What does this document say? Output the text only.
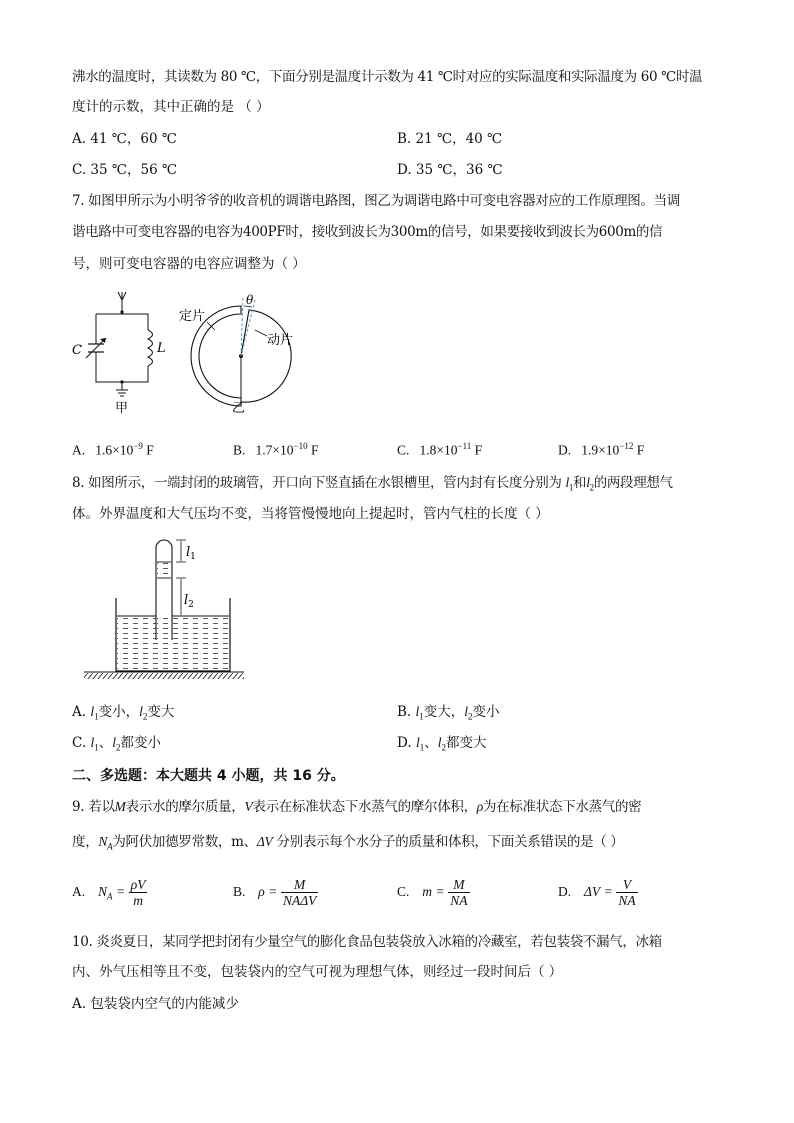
沸水的温度时，其读数为 80 ℃，下面分别是温度计示数为 41 ℃时对应的实际温度和实际温度为 60 ℃时温
度计的示数，其中正确的是 （ ）
A. 41 ℃，60 ℃	B. 21 ℃，40 ℃
C. 35 ℃，56 ℃	D. 35 ℃，36 ℃
7. 如图甲所示为小明爷爷的收音机的调谐电路图，图乙为调谐电路中可变电容器对应的工作原理图。当调
谐电路中可变电容器的电容为400PF时，接收到波长为300m的信号，如果要接收到波长为600m的信
号，则可变电容器的电容应调整为（ ）
C	L
甲
θ
定片
动片
乙
A. $1.6\times 10^{-9}$ F	B. $1.7\times 10^{-10}$ F	C. $1.8\times 10^{-11}$ F	D. $1.9\times 10^{-12}$ F
8. 如图所示，一端封闭的玻璃管，开口向下竖直插在水银槽里，管内封有长度分别为 $l_1$和$l_2$的两段理想气
体。外界温度和大气压均不变，当将管慢慢地向上提起时，管内气柱的长度（ ）
$l_1$
$l_2$
A. $l_1$变小，$l_2$变大	B. $l_1$变大，$l_2$变小
C. $l_1$、$l_2$都变小	D. $l_1$、$l_2$都变大
二、多选题：本大题共 4 小题，共 16 分。
9. 若以M表示水的摩尔质量，V表示在标准状态下水蒸气的摩尔体积，ρ为在标准状态下水蒸气的密
度，$N_A$为阿伏加德罗常数，m、ΔV 分别表示每个水分子的质量和体积，下面关系错误的是（ ）
A. $N_A = \frac{\rho V}{m}$	B. $\rho = \frac{M}{\text{NAΔV}}$	C. $m = \frac{M}{NA}$	D. $\Delta V = \frac{V}{NA}$
10. 炎炎夏日，某同学把封闭有少量空气的膨化食品包装袋放入冰箱的冷藏室，若包装袋不漏气，冰箱
内、外气压相等且不变，包装袋内的空气可视为理想气体，则经过一段时间后（ ）
A. 包装袋内空气的内能减少
